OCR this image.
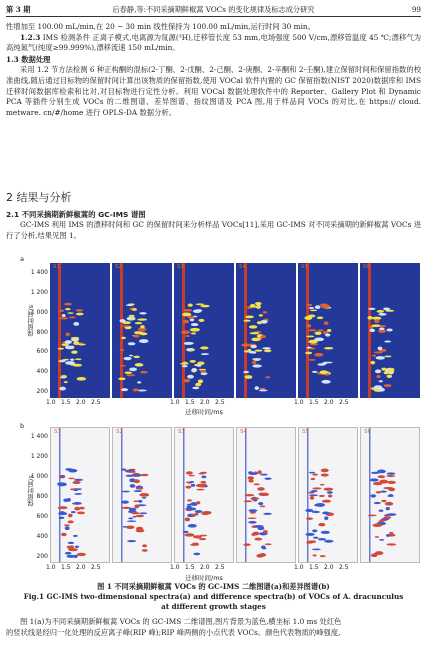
第 3 期	后春静,等:不同采摘期鲜椒蒿 VOCs 的变化规律及标志成分研究	99

性增加至 100.00 mL/min,在 20 ~ 30 min 线性保持为 100.00 mL/min,运行时间 30 min。

1.2.3 IMS 检测条件 正离子模式,电离源为氚源(³H),迁移管长度 53 mm,电场强度 500 V/cm,漂移管温度 45 ℃;漂移气为高纯氮气(纯度≥99.999%),漂移流速 150 mL/min。

1.3 数据处理

采用 1.2 节方法检测 6 种正构酮的混标(2-丁酮、2-戊酮、2-己酮、2-庚酮、2-辛酮和 2-壬酮),建立保留时间和保留指数的校准曲线,随后通过目标物的保留时间计算出该物质的保留指数,使用 VOCal 软件内置的 GC 保留指数(NIST 2020)数据库和 IMS 迁移时间数据库检索和比对,对目标物进行定性分析。利用 VOCal 数据处理软件中的 Reporter、Gallery Plot 和 Dynamic PCA 等插件分别生成 VOCs 的二维图谱、差异图谱、指纹图谱及 PCA 图,用于样品间 VOCs 的对比,在 https:// cloud. metware. cn/#/home 进行 OPLS-DA 数据分析。

2 结果与分析
2.1 不同采摘期新鲜椒蒿的 GC-IMS 谱图

GC-IMS 利用 IMS 的漂移时间和 GC 的保留时间来分析样品 VOCs[11],采用 GC-IMS 对不同采摘期的新鲜椒蒿 VOCs 进行了分析,结果见图 1。

a
b
保留时间/s
保留时间/s
1 400
1 200
1 000
800
600
400
200
S1	S2	S3	S4	S5	S6
1.0 1.5 2.0 2.5	1.0 1.5 2.0 2.5	1.0 1.5 2.0 2.5
1 400
1 200
1 000
800
600
400
200
S1	S2	S3	S4	S5	S6
1.0 1.5 2.0 2.5	1.0 1.5 2.0 2.5	1.0 1.5 2.0 2.5
迁移时间/ms
迁移时间/ms
图 1 不同采摘期鲜椒蒿 VOCs 的 GC-IMS 二维图谱(a)和差异图谱(b)
Fig.1 GC-IMS two-dimensional spectra(a) and difference spectra(b) of VOCs of A. dracunculus
at different growth stages

图 1(a)为不同采摘期新鲜椒蒿 VOCs 的 GC-IMS 二维谱图,图片背景为蓝色,横坐标 1.0 ms 处红色

的竖状线是经归一化处理的反应离子峰(RIP 峰);RIP 峰两侧的小点代表 VOCs。颜色代表物质的峰强度,
